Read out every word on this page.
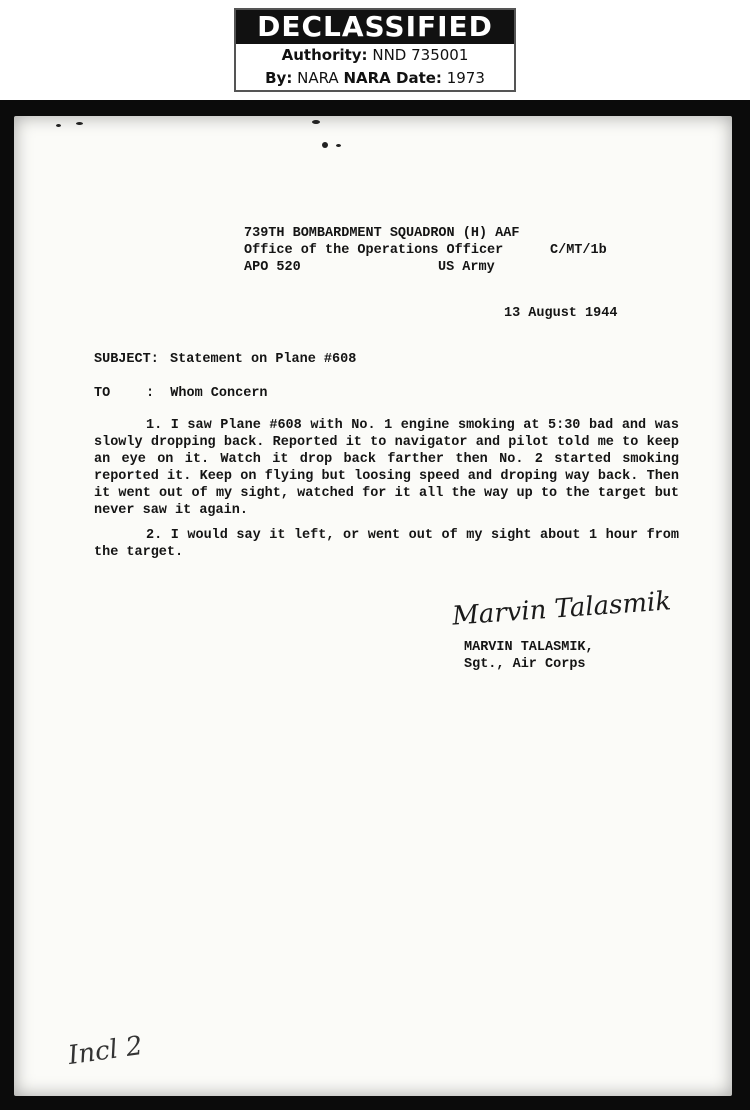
DECLASSIFIED
Authority: NND 735001
By: NARA NARA Date: 1973
739TH BOMBARDMENT SQUADRON (H) AAF
Office of the Operations Officer	C/MT/1b
APO 520	US Army
13 August 1944
SUBJECT: Statement on Plane #608
TO	:  Whom Concern
1. I saw Plane #608 with No. 1 engine smoking at 5:30 bad and was slowly dropping back. Reported it to navigator and pilot told me to keep an eye on it. Watch it drop back farther then No. 2 started smoking reported it. Keep on flying but loosing speed and droping way back. Then it went out of my sight, watched for it all the way up to the target but never saw it again.
2. I would say it left, or went out of my sight about 1 hour from the target.
Marvin Talasmik
MARVIN TALASMIK,
Sgt., Air Corps
Incl 2
